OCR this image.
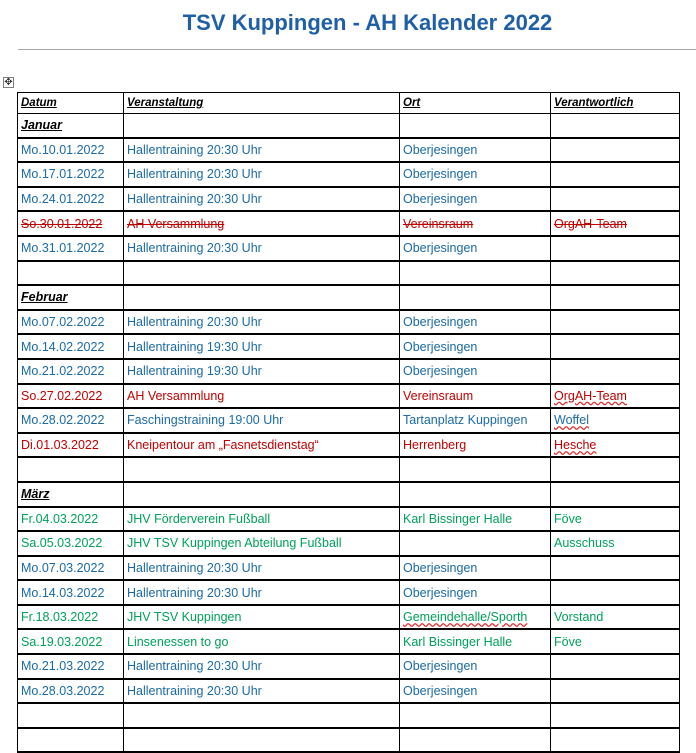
TSV Kuppingen - AH Kalender 2022
✥
Datum	Veranstaltung	Ort	Verantwortlich
Januar			
Mo.10.01.2022	Hallentraining 20:30 Uhr	Oberjesingen	
Mo.17.01.2022	Hallentraining 20:30 Uhr	Oberjesingen	
Mo.24.01.2022	Hallentraining 20:30 Uhr	Oberjesingen	
So.30.01.2022	AH Versammlung	Vereinsraum	OrgAH-Team
Mo.31.01.2022	Hallentraining 20:30 Uhr	Oberjesingen	

Februar			
Mo.07.02.2022	Hallentraining 20:30 Uhr	Oberjesingen	
Mo.14.02.2022	Hallentraining 19:30 Uhr	Oberjesingen	
Mo.21.02.2022	Hallentraining 19:30 Uhr	Oberjesingen	
So.27.02.2022	AH Versammlung	Vereinsraum	OrgAH-Team
Mo.28.02.2022	Faschingstraining 19:00 Uhr	Tartanplatz Kuppingen	Woffel
Di.01.03.2022	Kneipentour am „Fasnetsdienstag“	Herrenberg	Hesche

März			
Fr.04.03.2022	JHV Förderverein Fußball	Karl Bissinger Halle	Föve
Sa.05.03.2022	JHV TSV Kuppingen Abteilung Fußball		Ausschuss
Mo.07.03.2022	Hallentraining 20:30 Uhr	Oberjesingen	
Mo.14.03.2022	Hallentraining 20:30 Uhr	Oberjesingen	
Fr.18.03.2022	JHV TSV Kuppingen	Gemeindehalle/Sporth	Vorstand
Sa.19.03.2022	Linsenessen to go	Karl Bissinger Halle	Föve
Mo.21.03.2022	Hallentraining 20:30 Uhr	Oberjesingen	
Mo.28.03.2022	Hallentraining 20:30 Uhr	Oberjesingen	
